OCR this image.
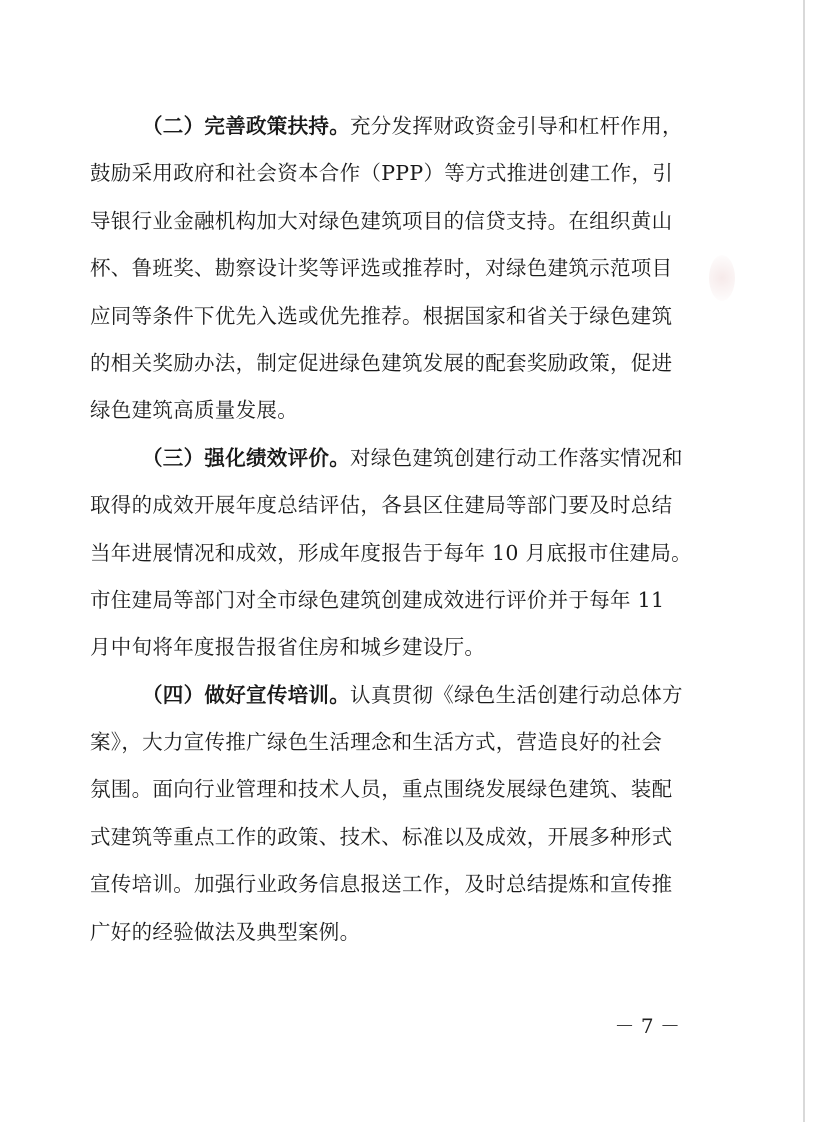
（二）完善政策扶持。充分发挥财政资金引导和杠杆作用，
鼓励采用政府和社会资本合作（PPP）等方式推进创建工作，引
导银行业金融机构加大对绿色建筑项目的信贷支持。在组织黄山
杯、鲁班奖、勘察设计奖等评选或推荐时，对绿色建筑示范项目
应同等条件下优先入选或优先推荐。根据国家和省关于绿色建筑
的相关奖励办法，制定促进绿色建筑发展的配套奖励政策，促进
绿色建筑高质量发展。
（三）强化绩效评价。对绿色建筑创建行动工作落实情况和
取得的成效开展年度总结评估，各县区住建局等部门要及时总结
当年进展情况和成效，形成年度报告于每年 10 月底报市住建局。
市住建局等部门对全市绿色建筑创建成效进行评价并于每年 11
月中旬将年度报告报省住房和城乡建设厅。
（四）做好宣传培训。认真贯彻《绿色生活创建行动总体方
案》，大力宣传推广绿色生活理念和生活方式，营造良好的社会
氛围。面向行业管理和技术人员，重点围绕发展绿色建筑、装配
式建筑等重点工作的政策、技术、标准以及成效，开展多种形式
宣传培训。加强行业政务信息报送工作，及时总结提炼和宣传推
广好的经验做法及典型案例。
－ 7 －
